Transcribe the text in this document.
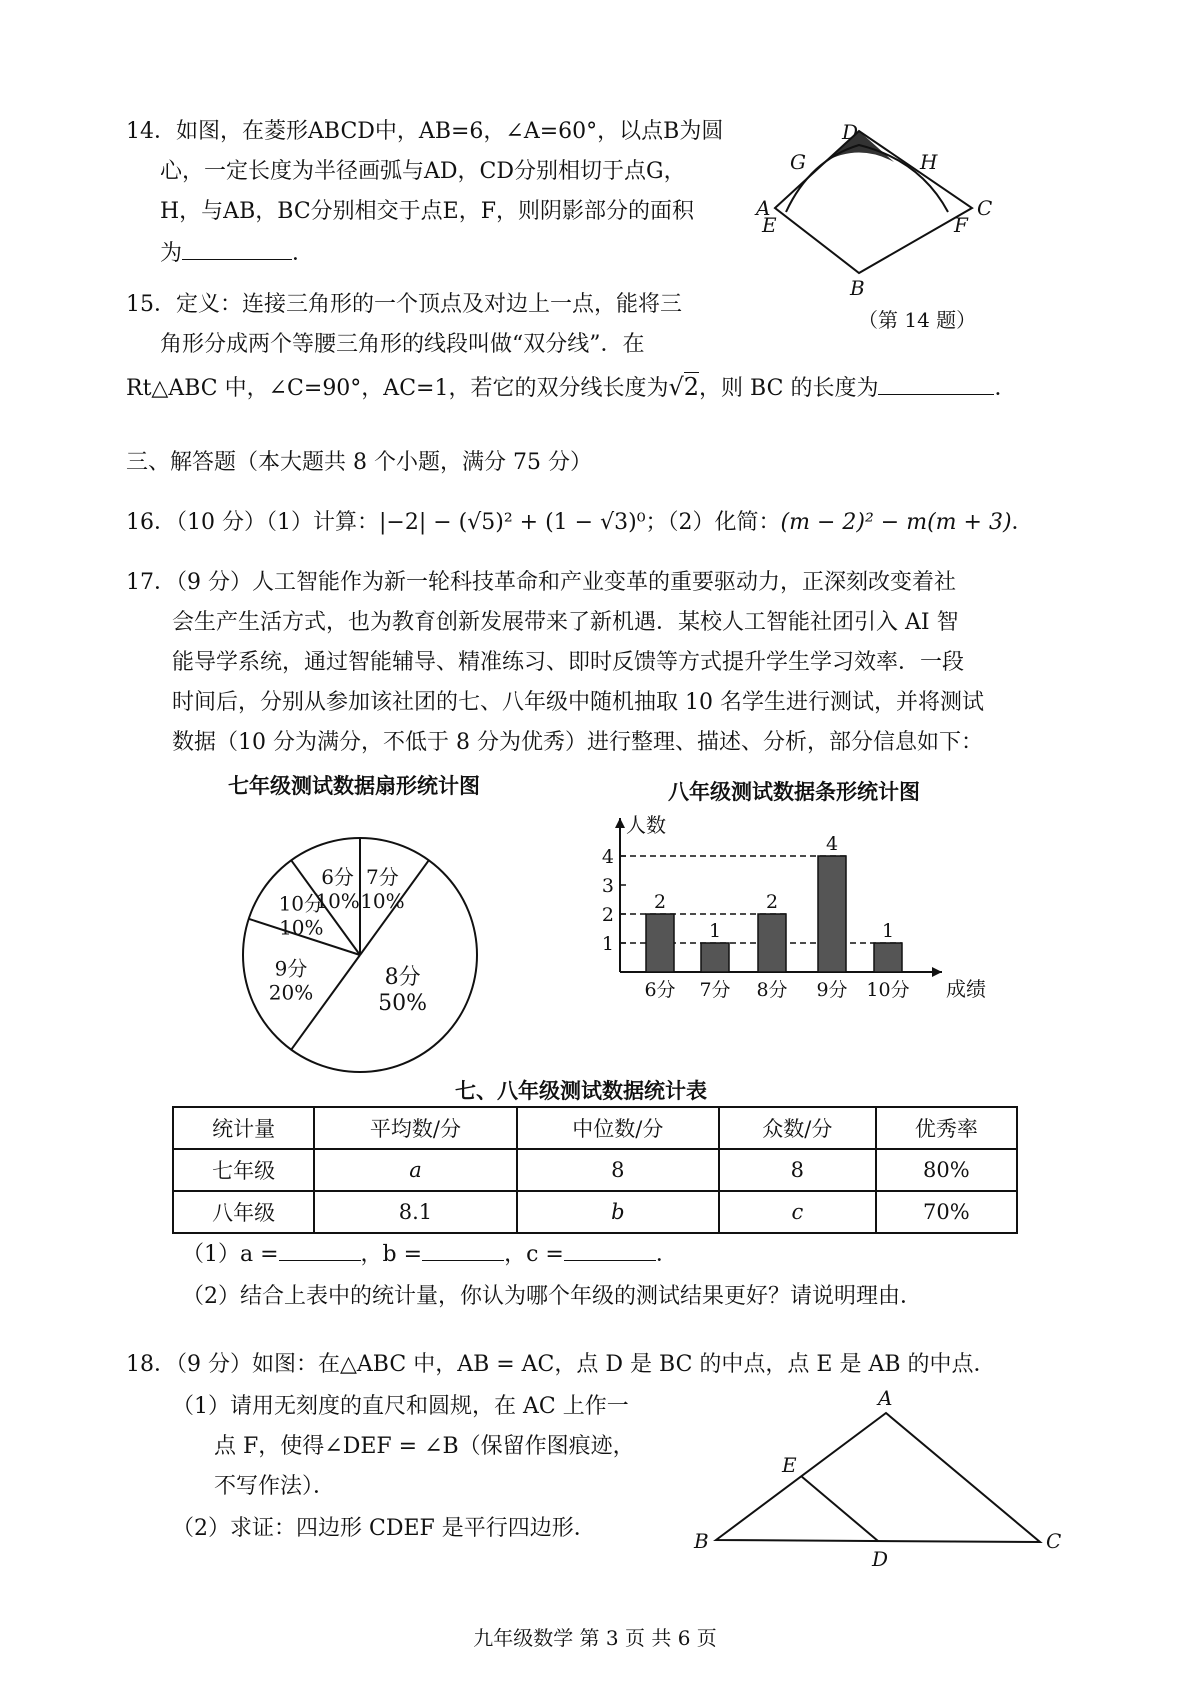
14．如图，在菱形ABCD中，AB=6，∠A=60°，以点B为圆
心，一定长度为半径画弧与AD，CD分别相切于点G，
H，与AB，BC分别相交于点E，F，则阴影部分的面积
为	．
D
G	H
A
E	F
C
B
（第 14 题）
15．定义：连接三角形的一个顶点及对边上一点，能将三
角形分成两个等腰三角形的线段叫做“双分线”．在
Rt△ABC 中，∠C=90°，AC=1，若它的双分线长度为√2，则 BC 的长度为	．
三、解答题（本大题共 8 个小题，满分 75 分）
16．（10 分）（1）计算：|−2| − (√5)² + (1 − √3)⁰；（2）化简：(m − 2)² − m(m + 3)．
17．（9 分）人工智能作为新一轮科技革命和产业变革的重要驱动力，正深刻改变着社
会生产生活方式，也为教育创新发展带来了新机遇．某校人工智能社团引入 AI 智
能导学系统，通过智能辅导、精准练习、即时反馈等方式提升学生学习效率．一段
时间后，分别从参加该社团的七、八年级中随机抽取 10 名学生进行测试，并将测试
数据（10 分为满分，不低于 8 分为优秀）进行整理、描述、分析，部分信息如下：
七年级测试数据扇形统计图
6分
10%
7分
10%
8分
50%
9分
20%
10分
10%
八年级测试数据条形统计图
人数
成绩
1
2
3
4
2
6分
1
7分
2
8分
4
9分
1
10分
七、八年级测试数据统计表
统计量	平均数/分	中位数/分	众数/分	优秀率
七年级	a	8	8	80%
八年级	8.1	b	c	70%
（1）a =	，b =	，c =	．
（2）结合上表中的统计量，你认为哪个年级的测试结果更好？请说明理由．
18．（9 分）如图：在△ABC 中，AB = AC，点 D 是 BC 的中点，点 E 是 AB 的中点．
（1）请用无刻度的直尺和圆规，在 AC 上作一
点 F，使得∠DEF = ∠B（保留作图痕迹，
不写作法）．
（2）求证：四边形 CDEF 是平行四边形．
A
E
B
D
C
九年级数学 第 3 页 共 6 页
